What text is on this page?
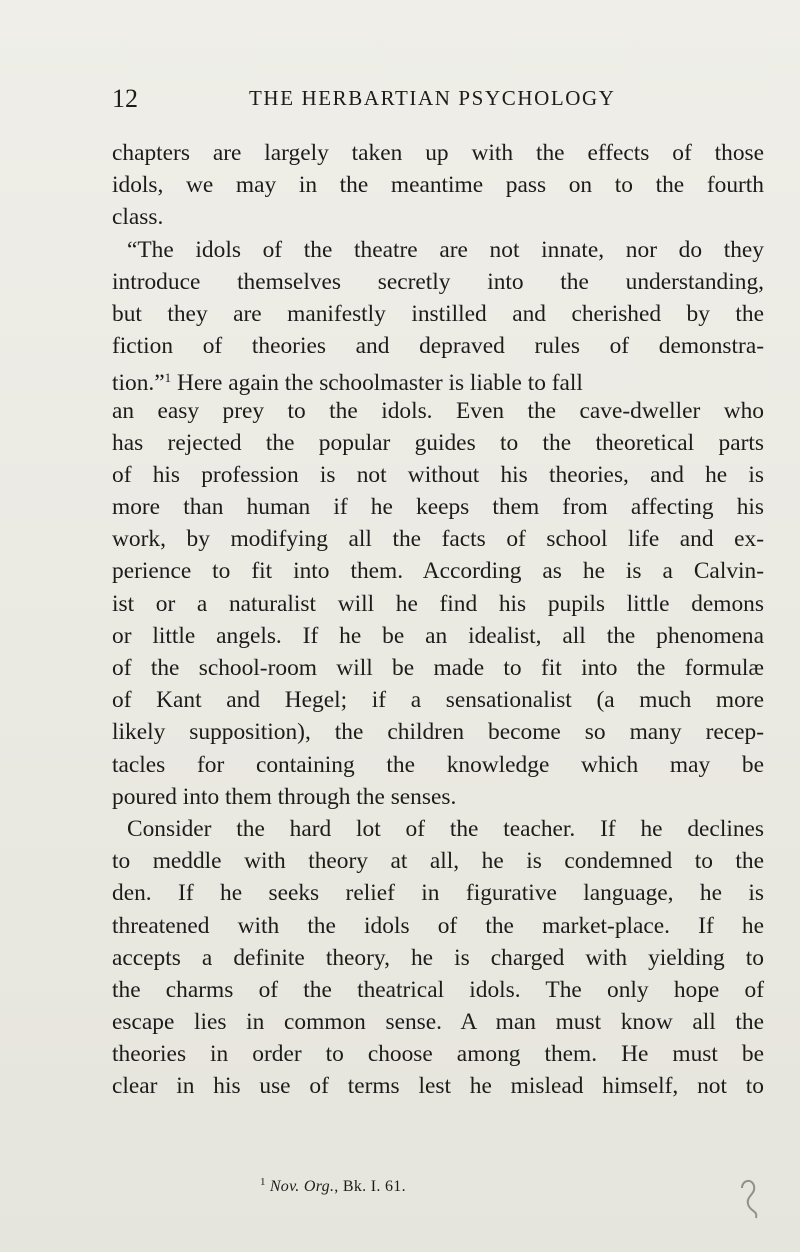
12	THE HERBARTIAN PSYCHOLOGY
chapters are largely taken up with the effects of those
idols, we may in the meantime pass on to the fourth
class.
“The idols of the theatre are not innate, nor do they
introduce themselves secretly into the understanding,
but they are manifestly instilled and cherished by the
fiction of theories and depraved rules of demonstra-
tion.”$^1$ Here again the schoolmaster is liable to fall
an easy prey to the idols. Even the cave-dweller who
has rejected the popular guides to the theoretical parts
of his profession is not without his theories, and he is
more than human if he keeps them from affecting his
work, by modifying all the facts of school life and ex-
perience to fit into them. According as he is a Calvin-
ist or a naturalist will he find his pupils little demons
or little angels. If he be an idealist, all the phenomena
of the school-room will be made to fit into the formulæ
of Kant and Hegel; if a sensationalist (a much more
likely supposition), the children become so many recep-
tacles for containing the knowledge which may be
poured into them through the senses.
Consider the hard lot of the teacher. If he declines
to meddle with theory at all, he is condemned to the
den. If he seeks relief in figurative language, he is
threatened with the idols of the market-place. If he
accepts a definite theory, he is charged with yielding to
the charms of the theatrical idols. The only hope of
escape lies in common sense. A man must know all the
theories in order to choose among them. He must be
clear in his use of terms lest he mislead himself, not to
$^1$ Nov. Org., Bk. I. 61.
